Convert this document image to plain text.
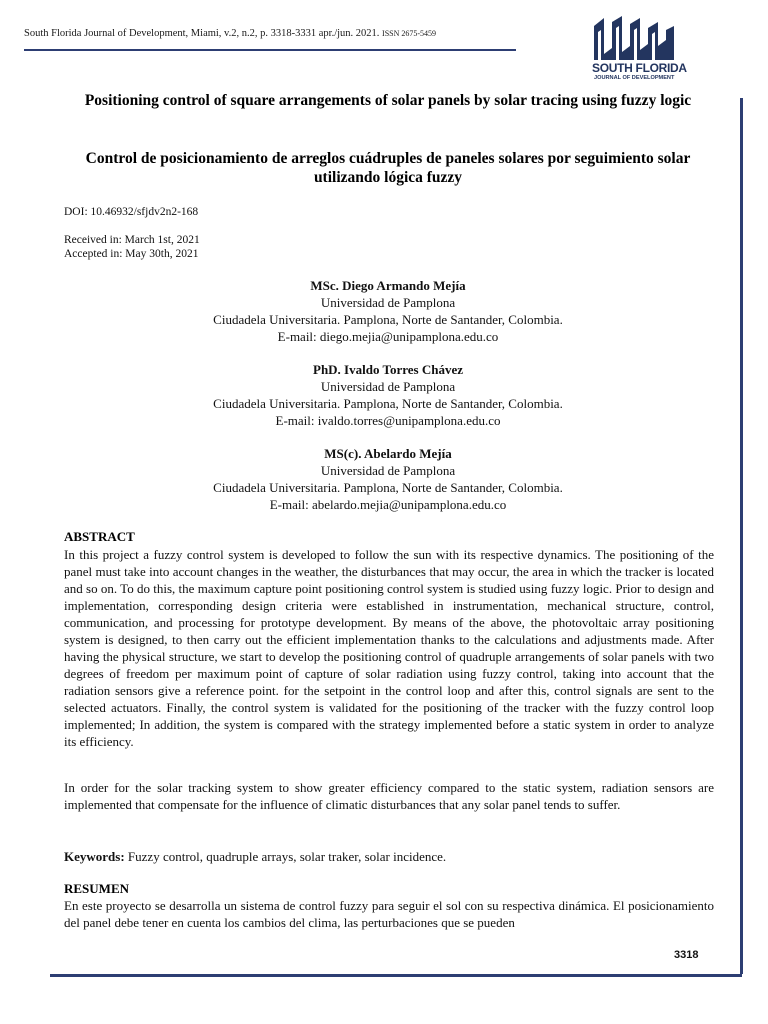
South Florida Journal of Development, Miami, v.2, n.2, p. 3318-3331 apr./jun. 2021. ISSN 2675-5459
SOUTH FLORIDA
JOURNAL OF DEVELOPMENT
Positioning control of square arrangements of solar panels by solar tracing using fuzzy logic
Control de posicionamiento de arreglos cuádruples de paneles solares por seguimiento solar utilizando lógica fuzzy
DOI: 10.46932/sfjdv2n2-168
Received in: March 1st, 2021
Accepted in: May 30th, 2021
MSc. Diego Armando Mejía
Universidad de Pamplona
Ciudadela Universitaria. Pamplona, Norte de Santander, Colombia.
E-mail: diego.mejia@unipamplona.edu.co
PhD. Ivaldo Torres Chávez
Universidad de Pamplona
Ciudadela Universitaria. Pamplona, Norte de Santander, Colombia.
E-mail: ivaldo.torres@unipamplona.edu.co
MS(c). Abelardo Mejía
Universidad de Pamplona
Ciudadela Universitaria. Pamplona, Norte de Santander, Colombia.
E-mail: abelardo.mejia@unipamplona.edu.co
ABSTRACT
In this project a fuzzy control system is developed to follow the sun with its respective dynamics. The positioning of the panel must take into account changes in the weather, the disturbances that may occur, the area in which the tracker is located and so on. To do this, the maximum capture point positioning control system is studied using fuzzy logic. Prior to design and implementation, corresponding design criteria were established in instrumentation, mechanical structure, control, communication, and processing for prototype development. By means of the above, the photovoltaic array positioning system is designed, to then carry out the efficient implementation thanks to the calculations and adjustments made. After having the physical structure, we start to develop the positioning control of quadruple arrangements of solar panels with two degrees of freedom per maximum point of capture of solar radiation using fuzzy control, taking into account that the radiation sensors give a reference point. for the setpoint in the control loop and after this, control signals are sent to the selected actuators. Finally, the control system is validated for the positioning of the tracker with the fuzzy control loop implemented; In addition, the system is compared with the strategy implemented before a static system in order to analyze its efficiency.
In order for the solar tracking system to show greater efficiency compared to the static system, radiation sensors are implemented that compensate for the influence of climatic disturbances that any solar panel tends to suffer.
Keywords: Fuzzy control, quadruple arrays, solar traker, solar incidence.
RESUMEN
En este proyecto se desarrolla un sistema de control fuzzy para seguir el sol con su respectiva dinámica. El posicionamiento del panel debe tener en cuenta los cambios del clima, las perturbaciones que se pueden
3318
